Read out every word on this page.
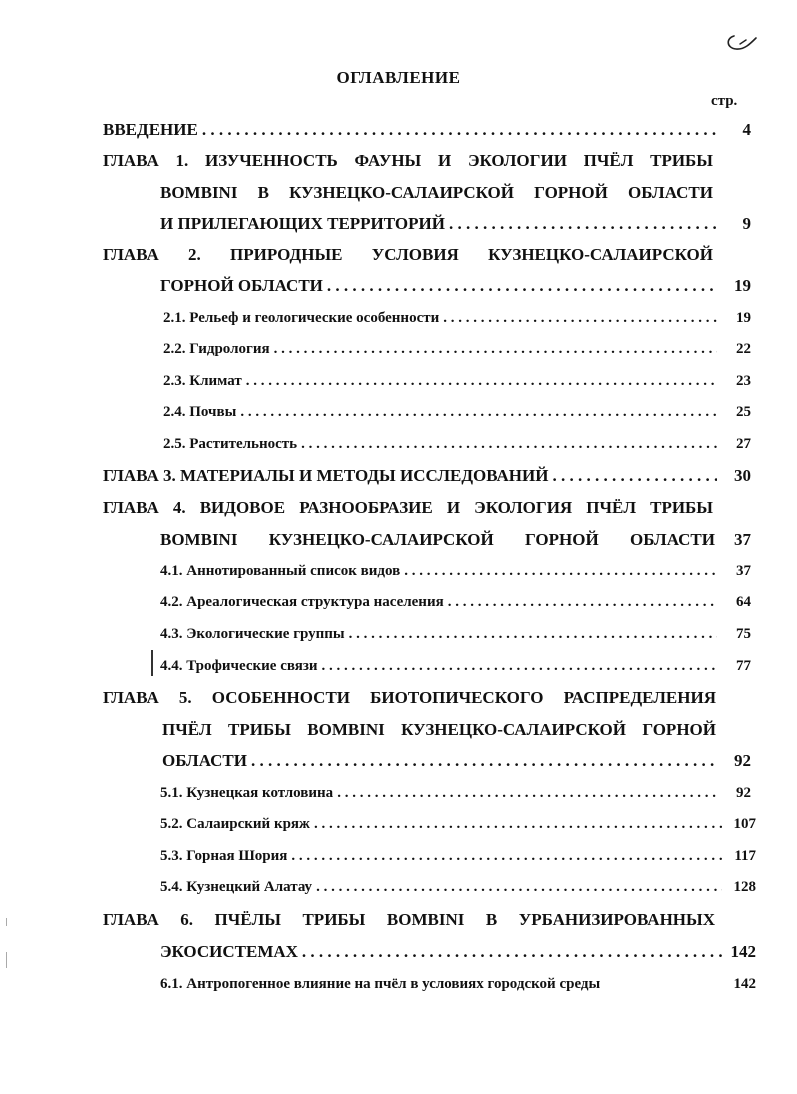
ОГЛАВЛЕНИЕ
стр.
ВВЕДЕНИЕ . . .	4
ГЛАВА 1. ИЗУЧЕННОСТЬ ФАУНЫ И ЭКОЛОГИИ ПЧЁЛ ТРИБЫ
BOMBINI В КУЗНЕЦКО-САЛАИРСКОЙ ГОРНОЙ ОБЛАСТИ
И ПРИЛЕГАЮЩИХ ТЕРРИТОРИЙ . . .	9
ГЛАВА 2. ПРИРОДНЫЕ УСЛОВИЯ КУЗНЕЦКО-САЛАИРСКОЙ
ГОРНОЙ ОБЛАСТИ . . .	19
2.1. Рельеф и геологические особенности . . .	19
2.2. Гидрология . . .	22
2.3. Климат . . .	23
2.4. Почвы . . .	25
2.5. Растительность . . .	27
ГЛАВА 3. МАТЕРИАЛЫ И МЕТОДЫ ИССЛЕДОВАНИЙ . . .	30
ГЛАВА 4. ВИДОВОЕ РАЗНООБРАЗИЕ И ЭКОЛОГИЯ ПЧЁЛ ТРИБЫ
BOMBINI КУЗНЕЦКО-САЛАИРСКОЙ ГОРНОЙ ОБЛАСТИ	37
4.1. Аннотированный список видов . . .	37
4.2. Ареалогическая структура населения . . .	64
4.3. Экологические группы . . .	75
4.4. Трофические связи . . .	77
ГЛАВА 5. ОСОБЕННОСТИ БИОТОПИЧЕСКОГО РАСПРЕДЕЛЕНИЯ
ПЧЁЛ ТРИБЫ BOMBINI КУЗНЕЦКО-САЛАИРСКОЙ ГОРНОЙ
ОБЛАСТИ . . .	92
5.1. Кузнецкая котловина . . .	92
5.2. Салаирский кряж . . .	107
5.3. Горная Шория . . .	117
5.4. Кузнецкий Алатау . . .	128
ГЛАВА 6. ПЧЁЛЫ ТРИБЫ BOMBINI В УРБАНИЗИРОВАННЫХ
ЭКОСИСТЕМАХ . . .	142
6.1. Антропогенное влияние на пчёл в условиях городской среды	142
